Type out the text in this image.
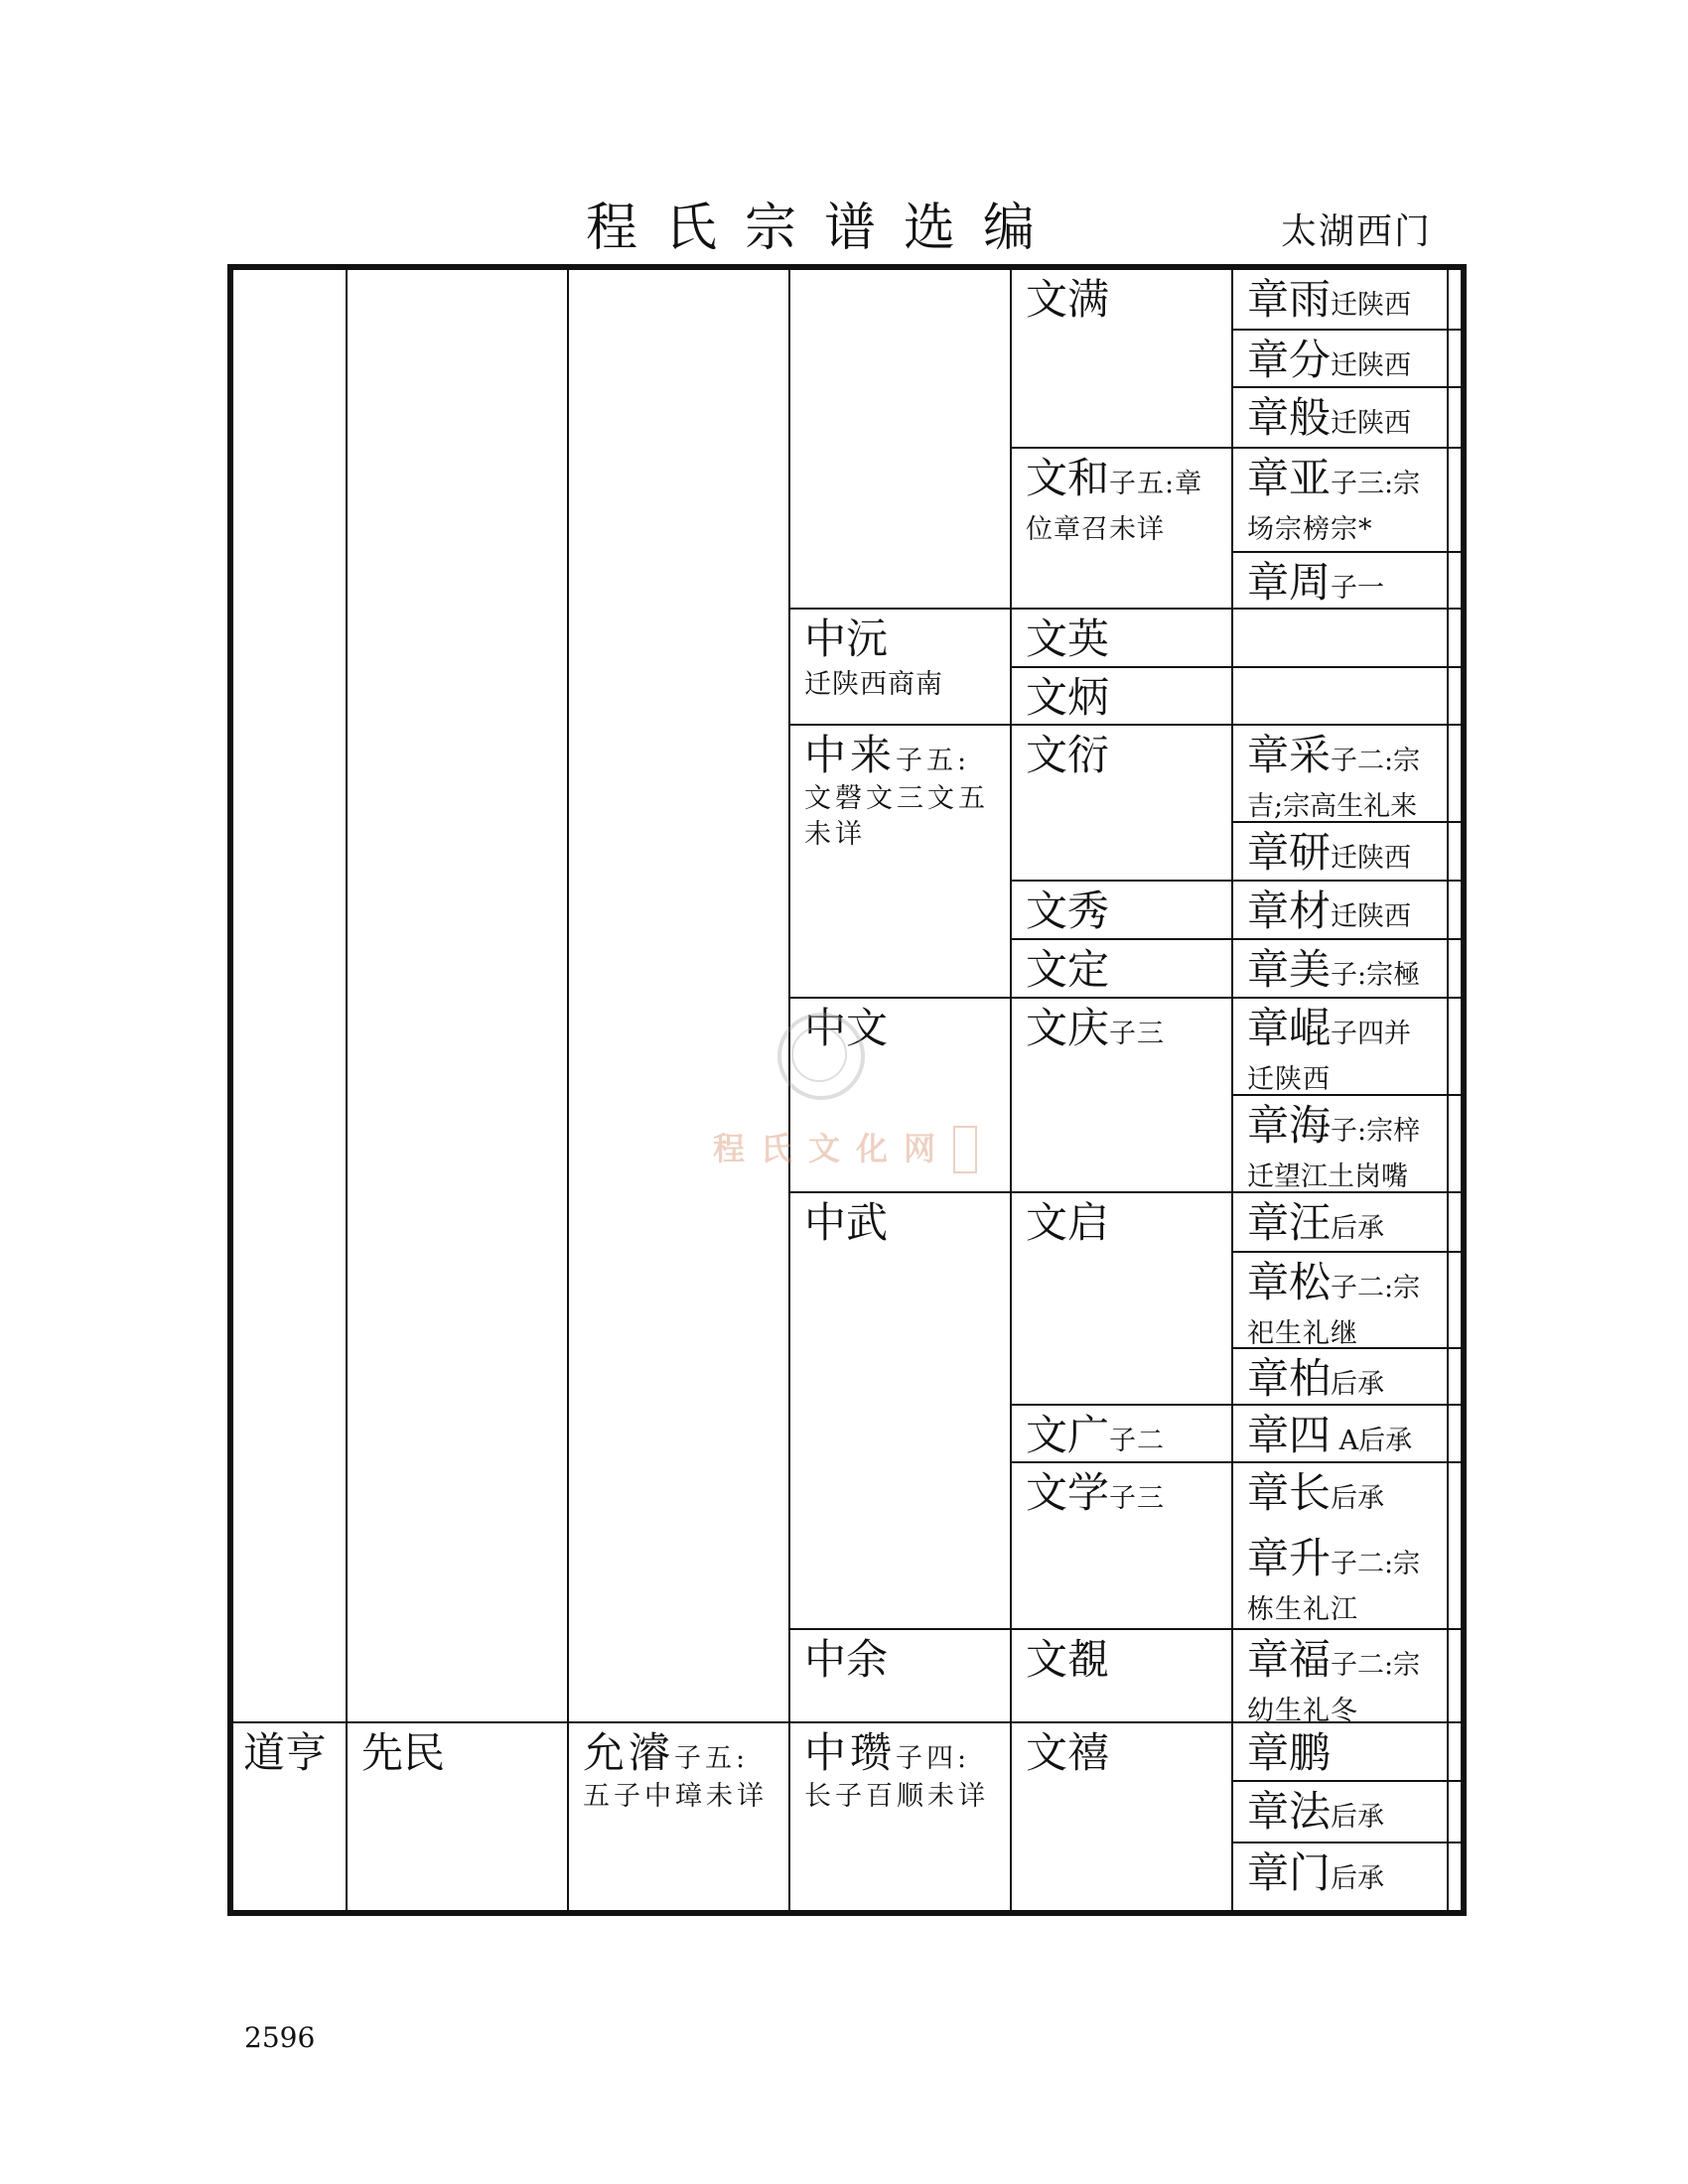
程氏宗谱选编	太湖西门

道亨 先民	允濬子五:五子中璋未详

中沅

迁陕西商南

中来子五:文磬文三文五未详

中文

中武

中余

中瓒子四:长子百顺未详

文满

文和子五:章

位章召未详

文英

文炳

文衍

文秀

文定

文庆子三

文启

文广子二

文学子三

文覩

文禧

章雨迁陕西

章分迁陕西

章般迁陕西

章亚子三:宗

场宗榜宗*

章周子一

章采子二:宗

吉;宗高生礼来

章研迁陕西

章材迁陕西

章美子:宗極

章崐子四并

迁陕西

章海子:宗梓

迁望江土岗嘴

章汪后承

章松子二:宗

祀生礼继

章柏后承

章四 A后承

章长后承

章升子二:宗

栋生礼江

章福子二:宗

幼生礼冬

章鹏

章法后承

章门后承

程氏文化网
2596
